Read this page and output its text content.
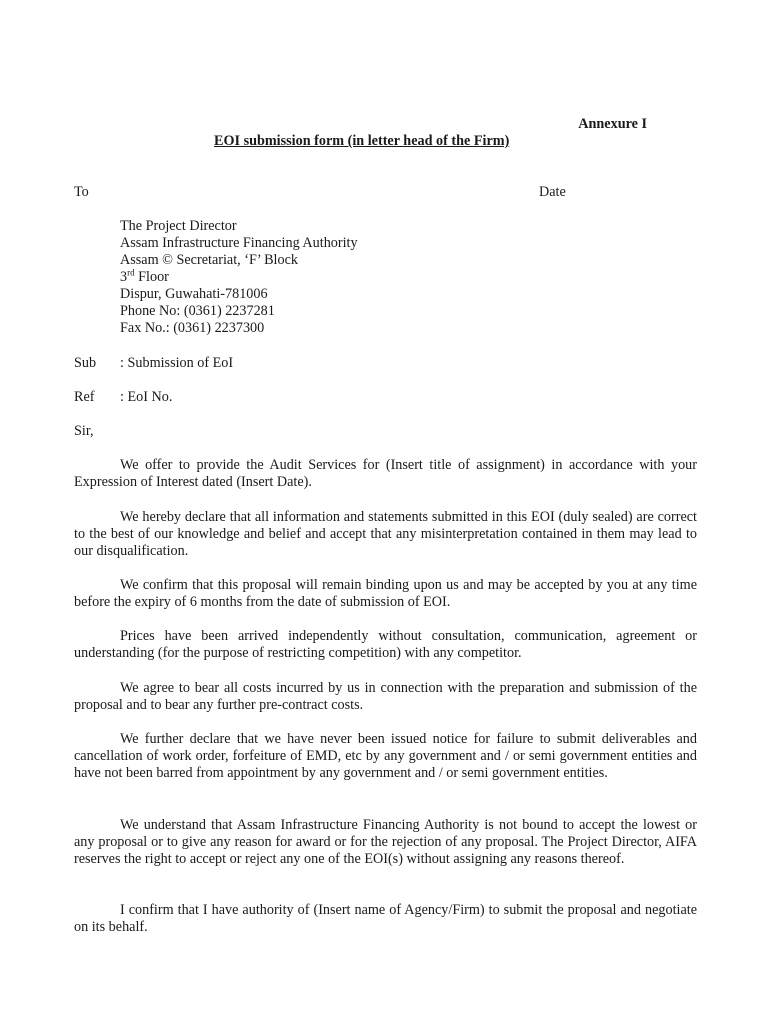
Annexure I

EOI submission form (in letter head of the Firm)

To	Date
The Project Director
Assam Infrastructure Financing Authority
Assam © Secretariat, ‘F’ Block
3rd Floor
Dispur, Guwahati-781006
Phone No: (0361) 2237281
Fax No.: (0361) 2237300
Sub : Submission of EoI
Ref : EoI No.
Sir,

We offer to provide the Audit Services for (Insert title of assignment) in accordance with your Expression of Interest dated (Insert Date).

We hereby declare that all information and statements submitted in this EOI (duly sealed) are correct to the best of our knowledge and belief and accept that any misinterpretation contained in them may lead to our disqualification.

We confirm that this proposal will remain binding upon us and may be accepted by you at any time before the expiry of 6 months from the date of submission of EOI.

Prices have been arrived independently without consultation, communication, agreement or understanding (for the purpose of restricting competition) with any competitor.

We agree to bear all costs incurred by us in connection with the preparation and submission of the proposal and to bear any further pre-contract costs.

We further declare that we have never been issued notice for failure to submit deliverables and cancellation of work order, forfeiture of EMD, etc by any government and / or semi government entities and have not been barred from appointment by any government and / or semi government entities.

We understand that Assam Infrastructure Financing Authority is not bound to accept the lowest or any proposal or to give any reason for award or for the rejection of any proposal. The Project Director, AIFA reserves the right to accept or reject any one of the EOI(s) without assigning any reasons thereof.

I confirm that I have authority of (Insert name of Agency/Firm) to submit the proposal and negotiate on its behalf.
